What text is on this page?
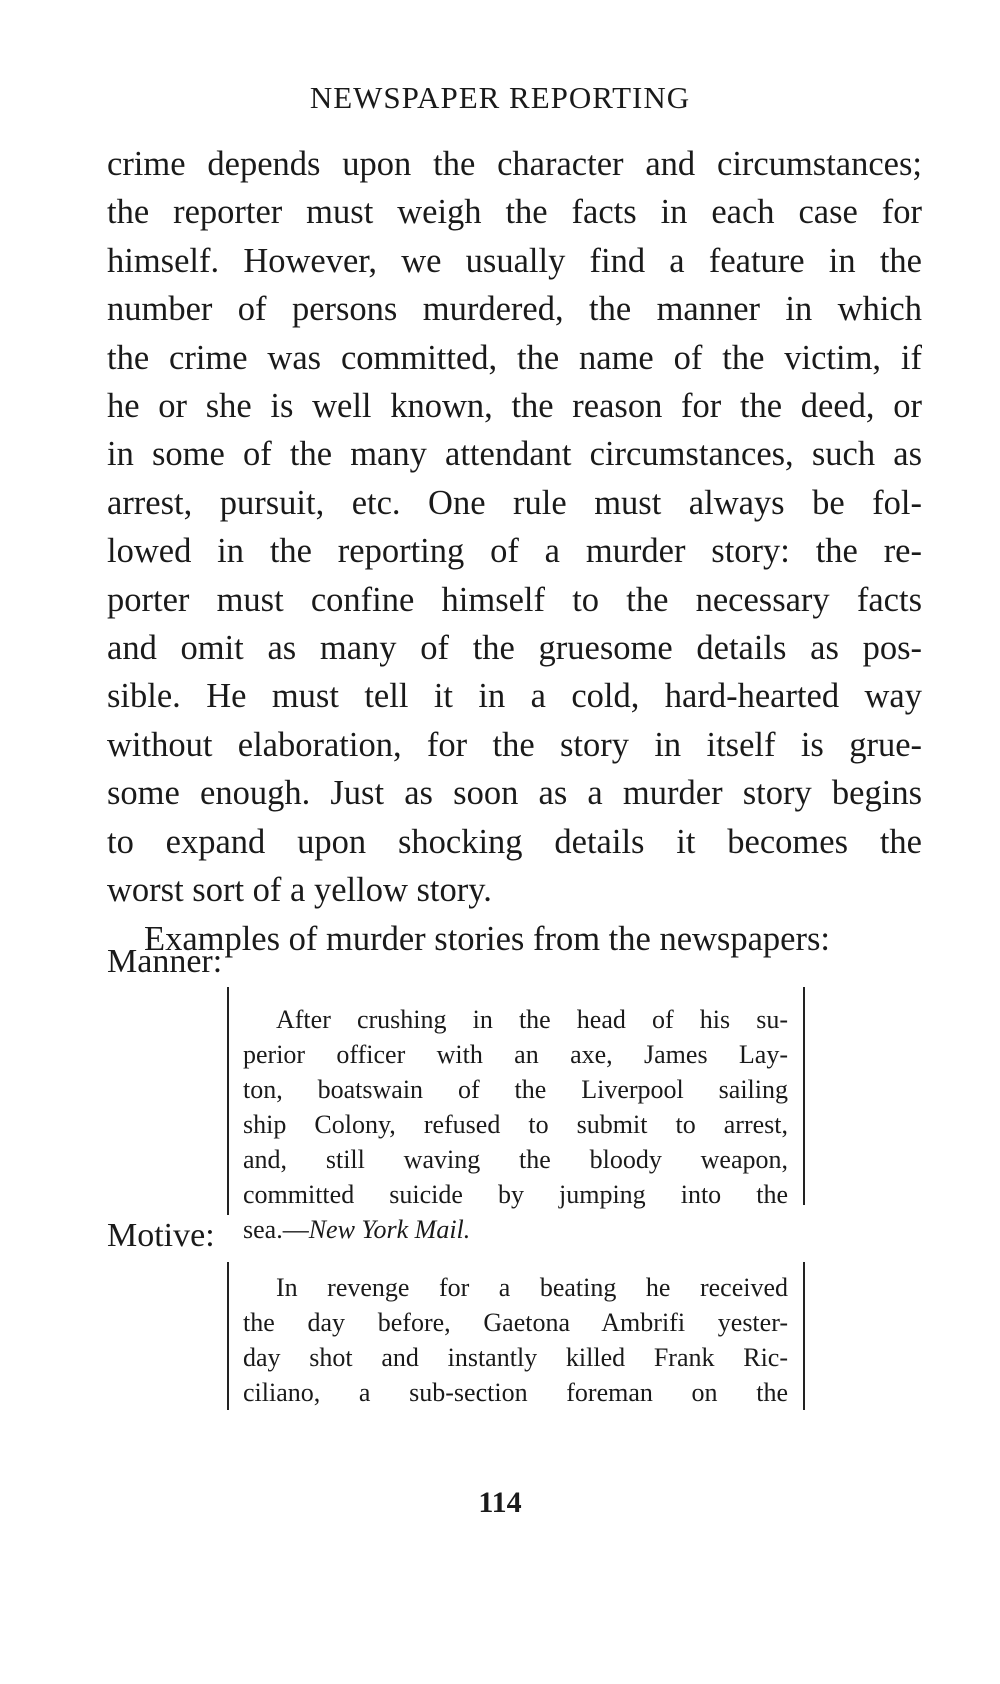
NEWSPAPER REPORTING
crime depends upon the character and circumstances;
the reporter must weigh the facts in each case for
himself. However, we usually find a feature in the
number of persons murdered, the manner in which
the crime was committed, the name of the victim, if
he or she is well known, the reason for the deed, or
in some of the many attendant circumstances, such as
arrest, pursuit, etc. One rule must always be fol-
lowed in the reporting of a murder story: the re-
porter must confine himself to the necessary facts
and omit as many of the gruesome details as pos-
sible. He must tell it in a cold, hard-hearted way
without elaboration, for the story in itself is grue-
some enough. Just as soon as a murder story begins
to expand upon shocking details it becomes the
worst sort of a yellow story.
Examples of murder stories from the newspapers:
Manner:
After crushing in the head of his su-
perior officer with an axe, James Lay-
ton, boatswain of the Liverpool sailing
ship Colony, refused to submit to arrest,
and, still waving the bloody weapon,
committed suicide by jumping into the
sea.—New York Mail.
Motive:
In revenge for a beating he received
the day before, Gaetona Ambrifi yester-
day shot and instantly killed Frank Ric-
ciliano, a sub-section foreman on the
114
